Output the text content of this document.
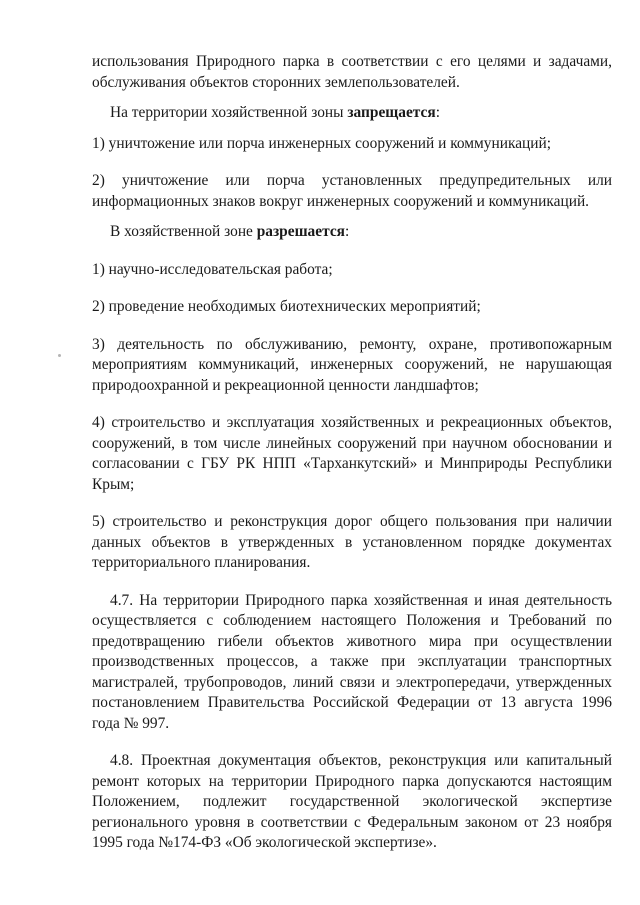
использования Природного парка в соответствии с его целями и задачами, обслуживания объектов сторонних землепользователей.

На территории хозяйственной зоны запрещается:

1) уничтожение или порча инженерных сооружений и коммуникаций;

2) уничтожение или порча установленных предупредительных или информационных знаков вокруг инженерных сооружений и коммуникаций.

В хозяйственной зоне разрешается:

1) научно-исследовательская работа;

2) проведение необходимых биотехнических мероприятий;

3) деятельность по обслуживанию, ремонту, охране, противопожарным мероприятиям коммуникаций, инженерных сооружений, не нарушающая природоохранной и рекреационной ценности ландшафтов;

4) строительство и эксплуатация хозяйственных и рекреационных объектов, сооружений, в том числе линейных сооружений при научном обосновании и согласовании с ГБУ РК НПП «Тарханкутский» и Минприроды Республики Крым;

5) строительство и реконструкция дорог общего пользования при наличии данных объектов в утвержденных в установленном порядке документах территориального планирования.

4.7. На территории Природного парка хозяйственная и иная деятельность осуществляется с соблюдением настоящего Положения и Требований по предотвращению гибели объектов животного мира при осуществлении производственных процессов, а также при эксплуатации транспортных магистралей, трубопроводов, линий связи и электропередачи, утвержденных постановлением Правительства Российской Федерации от 13 августа 1996 года № 997.

4.8. Проектная документация объектов, реконструкция или капитальный ремонт которых на территории Природного парка допускаются настоящим Положением, подлежит государственной экологической экспертизе регионального уровня в соответствии с Федеральным законом от 23 ноября 1995 года №174-ФЗ «Об экологической экспертизе».
